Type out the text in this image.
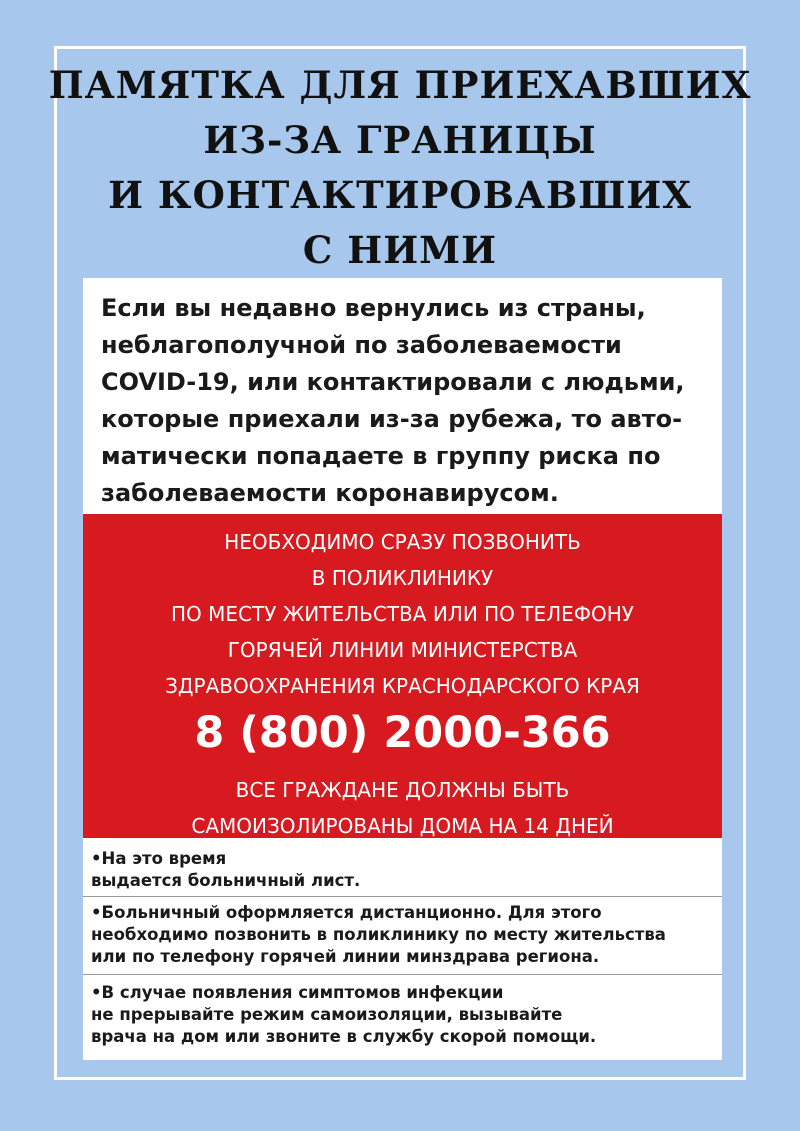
ПАМЯТКА ДЛЯ ПРИЕХАВШИХ
ИЗ-ЗА ГРАНИЦЫ
И КОНТАКТИРОВАВШИХ
С НИМИ
Если вы недавно вернулись из страны,
неблагополучной по заболеваемости
COVID-19, или контактировали с людьми,
которые приехали из-за рубежа, то авто-
матически попадаете в группу риска по
заболеваемости коронавирусом.
НЕОБХОДИМО СРАЗУ ПОЗВОНИТЬ
В ПОЛИКЛИНИКУ
ПО МЕСТУ ЖИТЕЛЬСТВА ИЛИ ПО ТЕЛЕФОНУ
ГОРЯЧЕЙ ЛИНИИ МИНИСТЕРСТВА
ЗДРАВООХРАНЕНИЯ КРАСНОДАРСКОГО КРАЯ
8 (800) 2000-366
ВСЕ ГРАЖДАНЕ ДОЛЖНЫ БЫТЬ
САМОИЗОЛИРОВАНЫ ДОМА НА 14 ДНЕЙ
•На это время
выдается больничный лист.
•Больничный оформляется дистанционно. Для этого
необходимо позвонить в поликлинику по месту жительства
или по телефону горячей линии минздрава региона.
•В случае появления симптомов инфекции
не прерывайте режим самоизоляции, вызывайте
врача на дом или звоните в службу скорой помощи.
